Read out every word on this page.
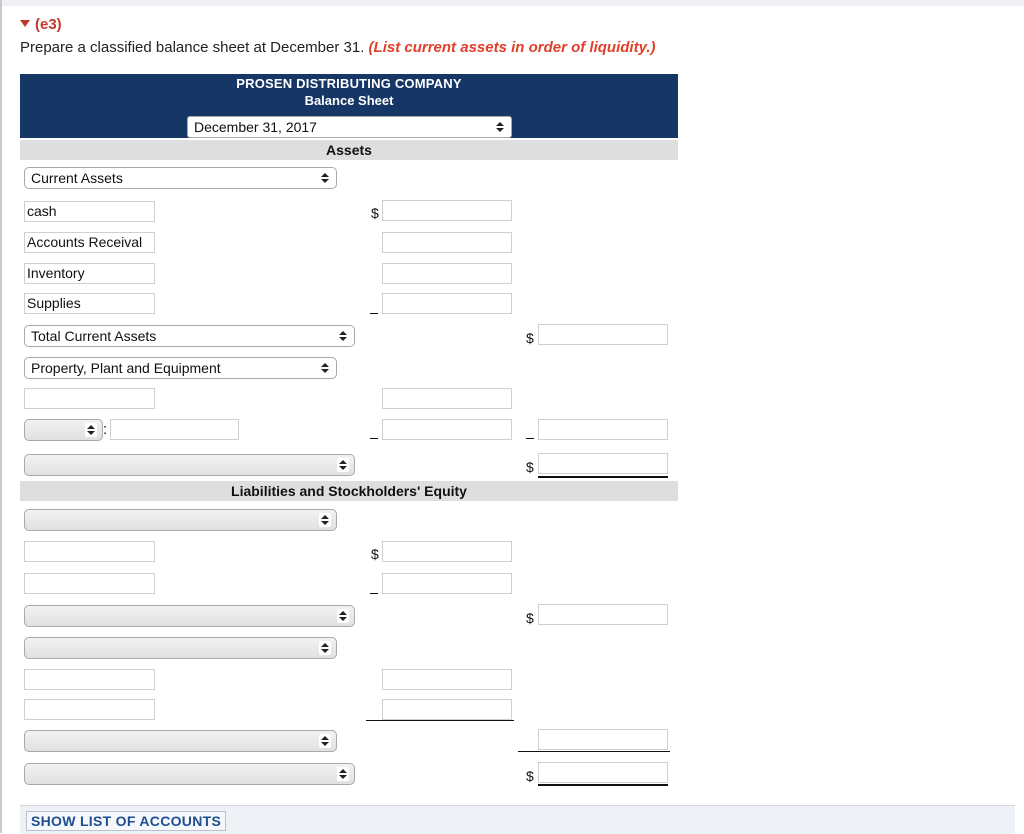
(e3)
Prepare a classified balance sheet at December 31. (List current assets in order of liquidity.)
PROSEN DISTRIBUTING COMPANY
Balance Sheet
December 31, 2017
Assets
Current Assets
cash	$
Accounts Receival
Inventory
Supplies
Total Current Assets	$
Property, Plant and Equipment
:
$
Liabilities and Stockholders' Equity
$
$
$
SHOW LIST OF ACCOUNTS
